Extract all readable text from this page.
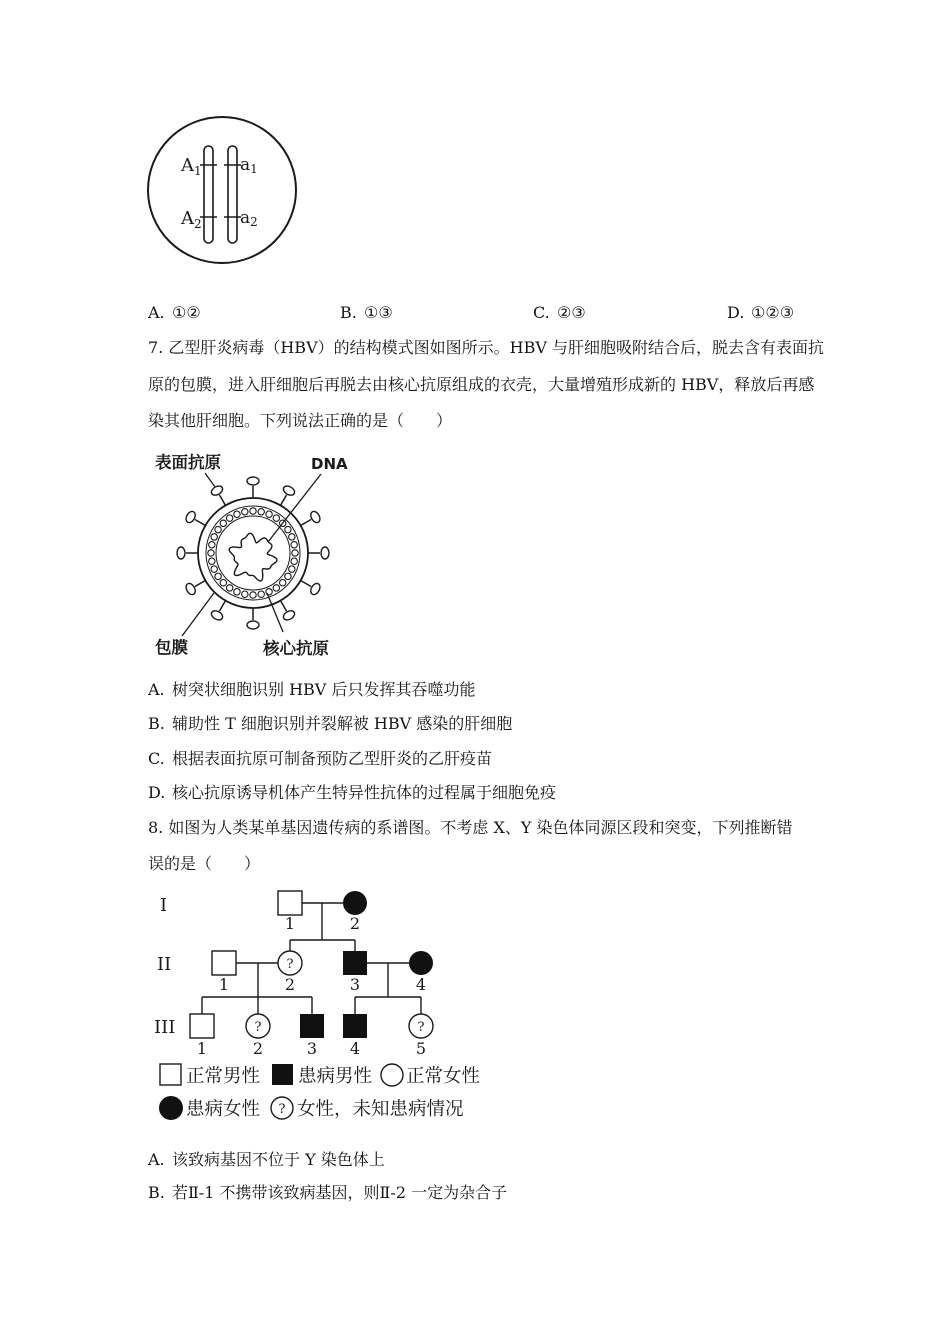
$A_1$
$A_2$
a1
a2
A. ①②	B. ①③	C. ②③	D. ①②③
7. 乙型肝炎病毒（HBV）的结构模式图如图所示。HBV 与肝细胞吸附结合后，脱去含有表面抗
原的包膜，进入肝细胞后再脱去由核心抗原组成的衣壳，大量增殖形成新的 HBV，释放后再感
染其他肝细胞。下列说法正确的是（　　）
表面抗原	DNA
包膜	核心抗原
A. 树突状细胞识别 HBV 后只发挥其吞噬功能
B. 辅助性 T 细胞识别并裂解被 HBV 感染的肝细胞
C. 根据表面抗原可制备预防乙型肝炎的乙肝疫苗
D. 核心抗原诱导机体产生特异性抗体的过程属于细胞免疫
8. 如图为人类某单基因遗传病的系谱图。不考虑 X、Y 染色体同源区段和突变，下列推断错
误的是（　　）
I
II
III
1	2
?
1	2	3	4
?	?
1	2	3 4	5
正常男性 患病男性 正常女性
患病女性 ? 女性，未知患病情况
A. 该致病基因不位于 Y 染色体上
B. 若Ⅱ-1 不携带该致病基因，则Ⅱ-2 一定为杂合子
